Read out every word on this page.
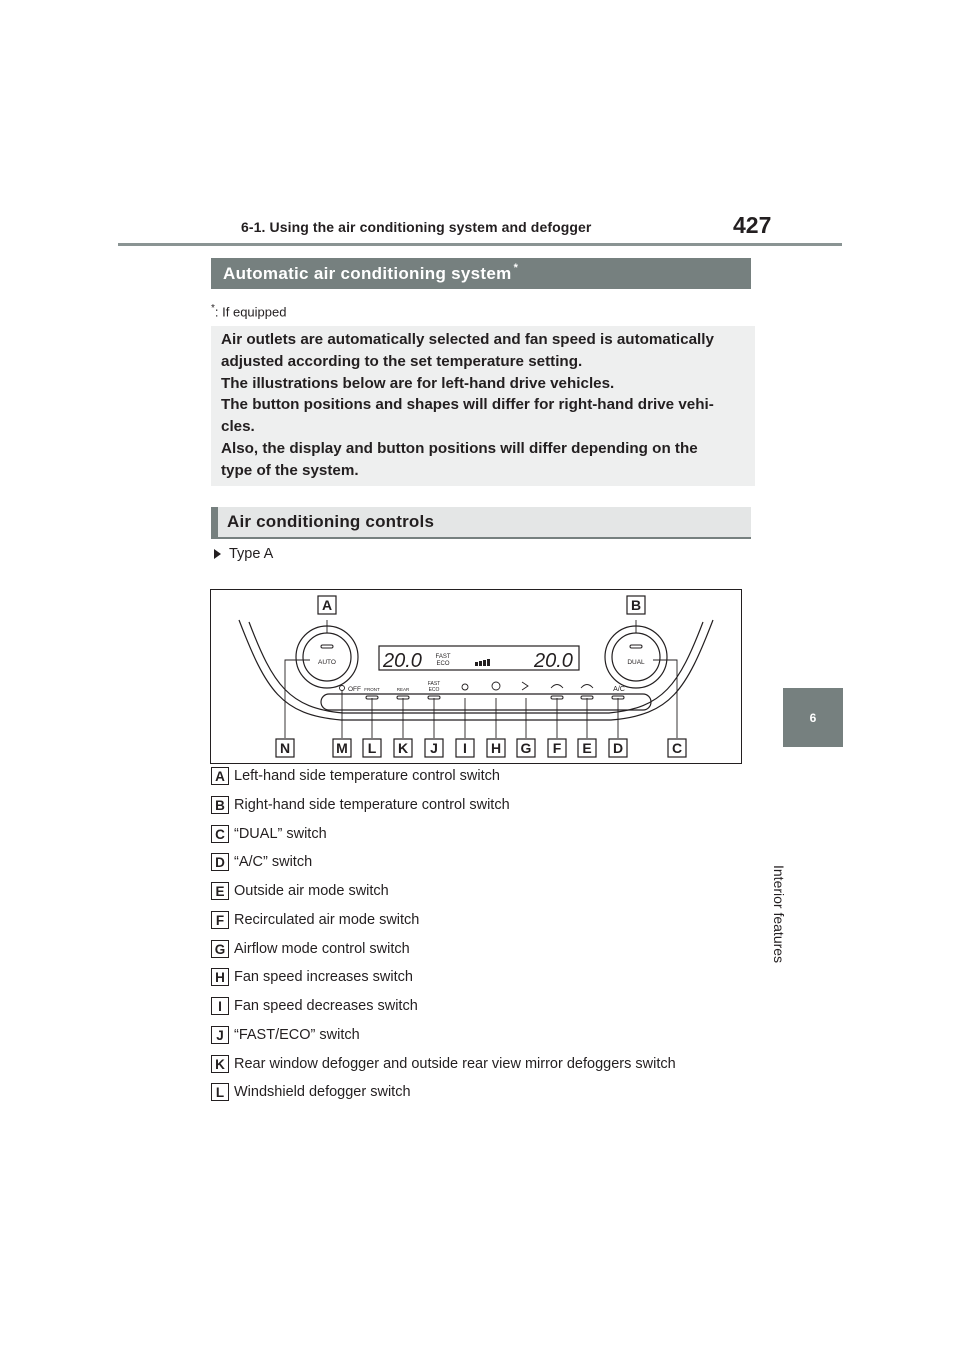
6-1. Using the air conditioning system and defogger	427
6
Interior features
Automatic air conditioning system*
*: If equipped

Air outlets are automatically selected and fan speed is automatically

adjusted according to the set temperature setting.

The illustrations below are for left-hand drive vehicles.

The button positions and shapes will differ for right-hand drive vehi-

cles.

Also, the display and button positions will differ depending on the

type of the system.

Air conditioning controls
Type A
AUTO	DUAL
20.0	20.0
FAST
ECO
OFF FRONT	REAR
FAST
ECO	A/C
A	B
N	M L K J I H G F E D	C
A Left-hand side temperature control switch
B Right-hand side temperature control switch
C “DUAL” switch
D “A/C” switch
E Outside air mode switch
F Recirculated air mode switch
G Airflow mode control switch
H Fan speed increases switch
I Fan speed decreases switch
J “FAST/ECO” switch
K Rear window defogger and outside rear view mirror defoggers switch
L Windshield defogger switch
